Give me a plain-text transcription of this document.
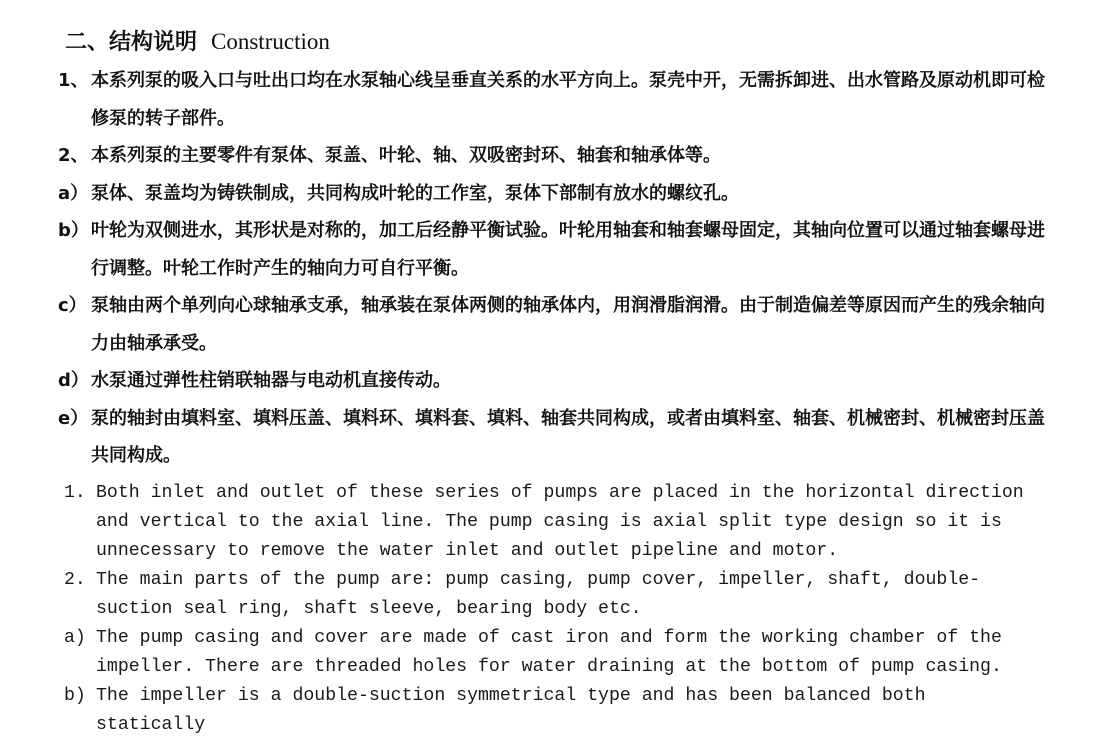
二、结构说明 Construction
1、 本系列泵的吸入口与吐出口均在水泵轴心线呈垂直关系的水平方向上。泵壳中开，无需拆卸进、出水管路及原动机即可检修泵的转子部件。
2、 本系列泵的主要零件有泵体、泵盖、叶轮、轴、双吸密封环、轴套和轴承体等。
a） 泵体、泵盖均为铸铁制成，共同构成叶轮的工作室，泵体下部制有放水的螺纹孔。
b） 叶轮为双侧进水，其形状是对称的，加工后经静平衡试验。叶轮用轴套和轴套螺母固定，其轴向位置可以通过轴套螺母进行调整。叶轮工作时产生的轴向力可自行平衡。
c） 泵轴由两个单列向心球轴承支承，轴承装在泵体两侧的轴承体内，用润滑脂润滑。由于制造偏差等原因而产生的残余轴向力由轴承承受。
d） 水泵通过弹性柱销联轴器与电动机直接传动。
e） 泵的轴封由填料室、填料压盖、填料环、填料套、填料、轴套共同构成，或者由填料室、轴套、机械密封、机械密封压盖共同构成。
1. Both inlet and outlet of these series of pumps are placed in the horizontal direction and vertical to the axial line. The pump casing is axial split type design so it is unnecessary to remove the water inlet and outlet pipeline and motor.
2. The main parts of the pump are: pump casing, pump cover, impeller, shaft, double-suction seal ring, shaft sleeve, bearing body etc.
a) The pump casing and cover are made of cast iron and form the working chamber of the impeller. There are threaded holes for water draining at the bottom of pump casing.
b) The impeller is a double-suction symmetrical type and has been balanced both statically
